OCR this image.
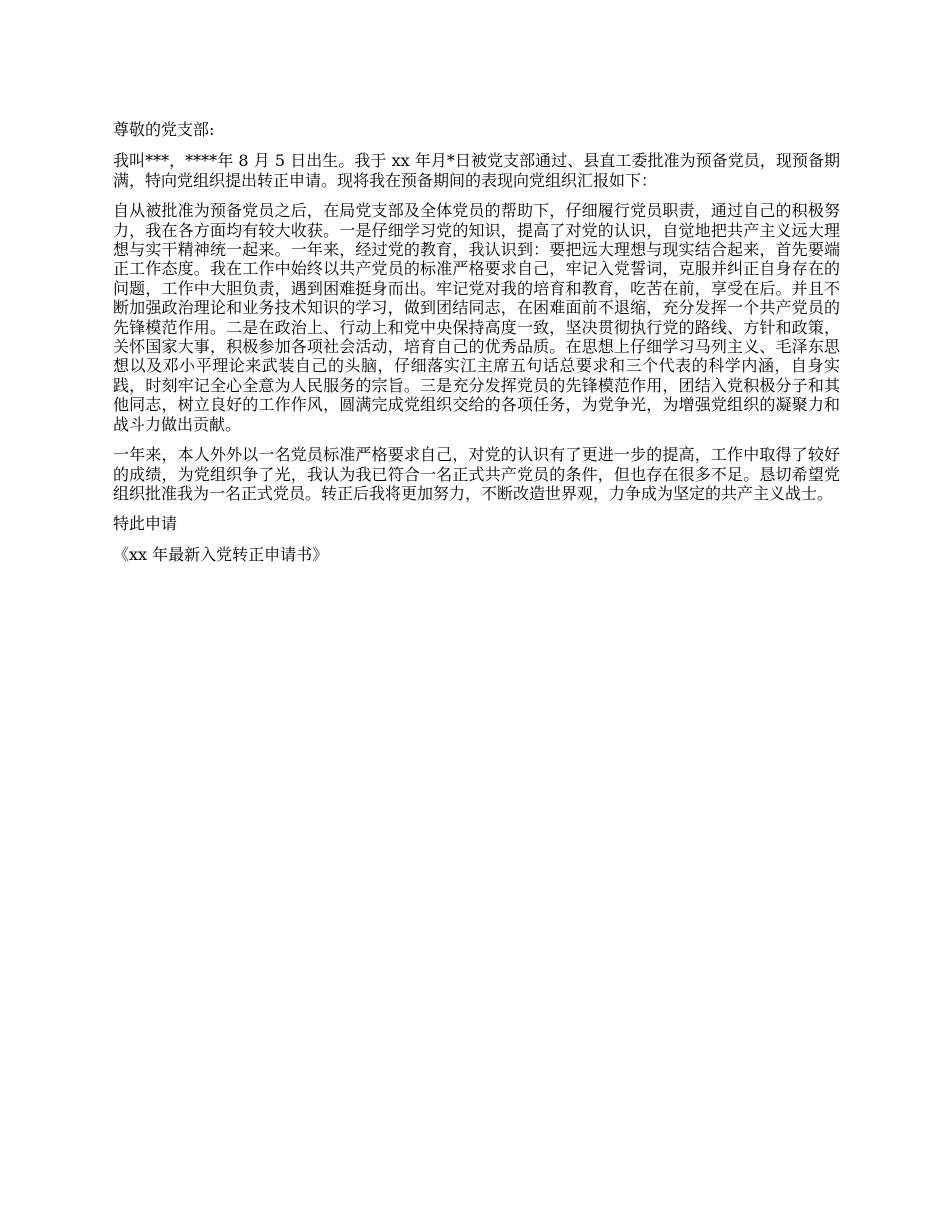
尊敬的党支部:

我叫***，****年 8 月 5 日出生。我于 xx 年月*日被党支部通过、县直工委批准为预备党员，现预备期满，特向党组织提出转正申请。现将我在预备期间的表现向党组织汇报如下：

自从被批准为预备党员之后，在局党支部及全体党员的帮助下，仔细履行党员职责，通过自己的积极努力，我在各方面均有较大收获。一是仔细学习党的知识，提高了对党的认识，自觉地把共产主义远大理想与实干精神统一起来。一年来，经过党的教育，我认识到：要把远大理想与现实结合起来，首先要端正工作态度。我在工作中始终以共产党员的标准严格要求自己，牢记入党誓词，克服并纠正自身存在的问题，工作中大胆负责，遇到困难挺身而出。牢记党对我的培育和教育，吃苦在前，享受在后。并且不断加强政治理论和业务技术知识的学习，做到团结同志，在困难面前不退缩，充分发挥一个共产党员的先锋模范作用。二是在政治上、行动上和党中央保持高度一致，坚决贯彻执行党的路线、方针和政策，关怀国家大事，积极参加各项社会活动，培育自己的优秀品质。在思想上仔细学习马列主义、毛泽东思想以及邓小平理论来武装自己的头脑，仔细落实江主席五句话总要求和三个代表的科学内涵，自身实践，时刻牢记全心全意为人民服务的宗旨。三是充分发挥党员的先锋模范作用，团结入党积极分子和其他同志，树立良好的工作作风，圆满完成党组织交给的各项任务，为党争光，为增强党组织的凝聚力和战斗力做出贡献。

一年来，本人外外以一名党员标准严格要求自己，对党的认识有了更进一步的提高，工作中取得了较好的成绩，为党组织争了光，我认为我已符合一名正式共产党员的条件，但也存在很多不足。恳切希望党组织批准我为一名正式党员。转正后我将更加努力，不断改造世界观，力争成为坚定的共产主义战士。

特此申请

《xx 年最新入党转正申请书》
